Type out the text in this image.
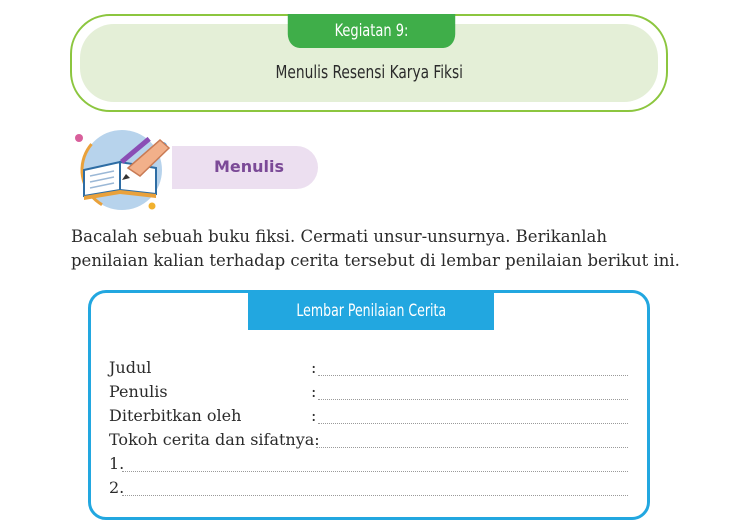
Kegiatan 9:
Menulis Resensi Karya Fiksi
Menulis
Bacalah sebuah buku fiksi. Cermati unsur-unsurnya. Berikanlah penilaian kalian terhadap cerita tersebut di lembar penilaian berikut ini.
Lembar Penilaian Cerita
Judul	:
Penulis	:
Diterbitkan oleh	:
Tokoh cerita dan sifatnya:
1.
2.
